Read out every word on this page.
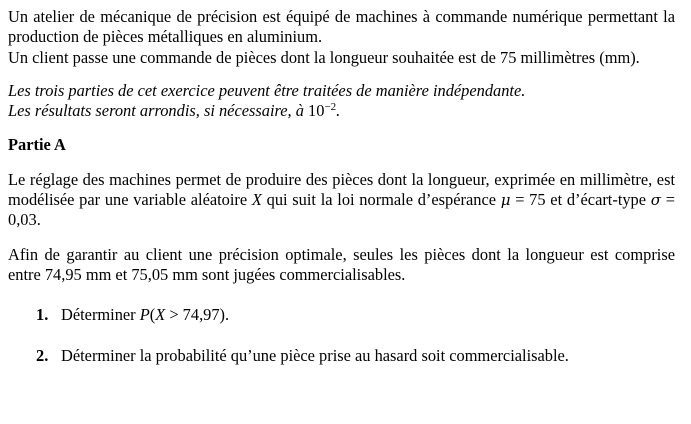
Un atelier de mécanique de précision est équipé de machines à commande numérique permettant la production de pièces métalliques en aluminium.

Un client passe une commande de pièces dont la longueur souhaitée est de 75 millimètres (mm).

Les trois parties de cet exercice peuvent être traitées de manière indépendante.

Les résultats seront arrondis, si nécessaire, à $10^{-2}$.

Partie A

Le réglage des machines permet de produire des pièces dont la longueur, exprimée en millimètre, est modélisée par une variable aléatoire X qui suit la loi normale d’espérance μ = 75 et d’écart-type σ = 0,03.

Afin de garantir au client une précision optimale, seules les pièces dont la longueur est comprise entre 74,95 mm et 75,05 mm sont jugées commercialisables.

1. Déterminer P(X > 74,97).
2. Déterminer la probabilité qu’une pièce prise au hasard soit commercialisable.
